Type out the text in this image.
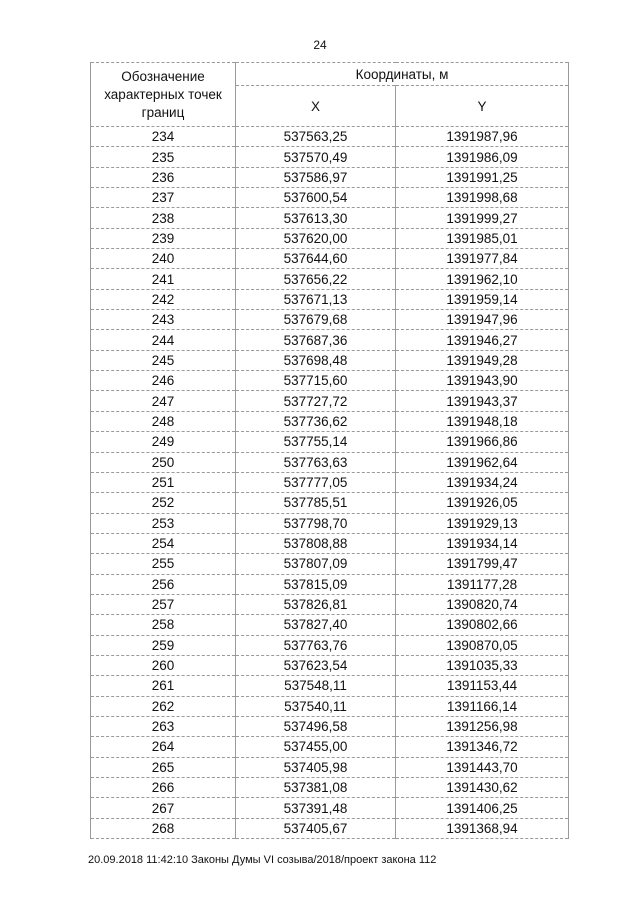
24
Обозначение характерных точек границ	Координаты, м	
	X	Y
234	537563,25	1391987,96
235	537570,49	1391986,09
236	537586,97	1391991,25
237	537600,54	1391998,68
238	537613,30	1391999,27
239	537620,00	1391985,01
240	537644,60	1391977,84
241	537656,22	1391962,10
242	537671,13	1391959,14
243	537679,68	1391947,96
244	537687,36	1391946,27
245	537698,48	1391949,28
246	537715,60	1391943,90
247	537727,72	1391943,37
248	537736,62	1391948,18
249	537755,14	1391966,86
250	537763,63	1391962,64
251	537777,05	1391934,24
252	537785,51	1391926,05
253	537798,70	1391929,13
254	537808,88	1391934,14
255	537807,09	1391799,47
256	537815,09	1391177,28
257	537826,81	1390820,74
258	537827,40	1390802,66
259	537763,76	1390870,05
260	537623,54	1391035,33
261	537548,11	1391153,44
262	537540,11	1391166,14
263	537496,58	1391256,98
264	537455,00	1391346,72
265	537405,98	1391443,70
266	537381,08	1391430,62
267	537391,48	1391406,25
268	537405,67	1391368,94
20.09.2018 11:42:10 Законы Думы VI созыва/2018/проект закона 112
